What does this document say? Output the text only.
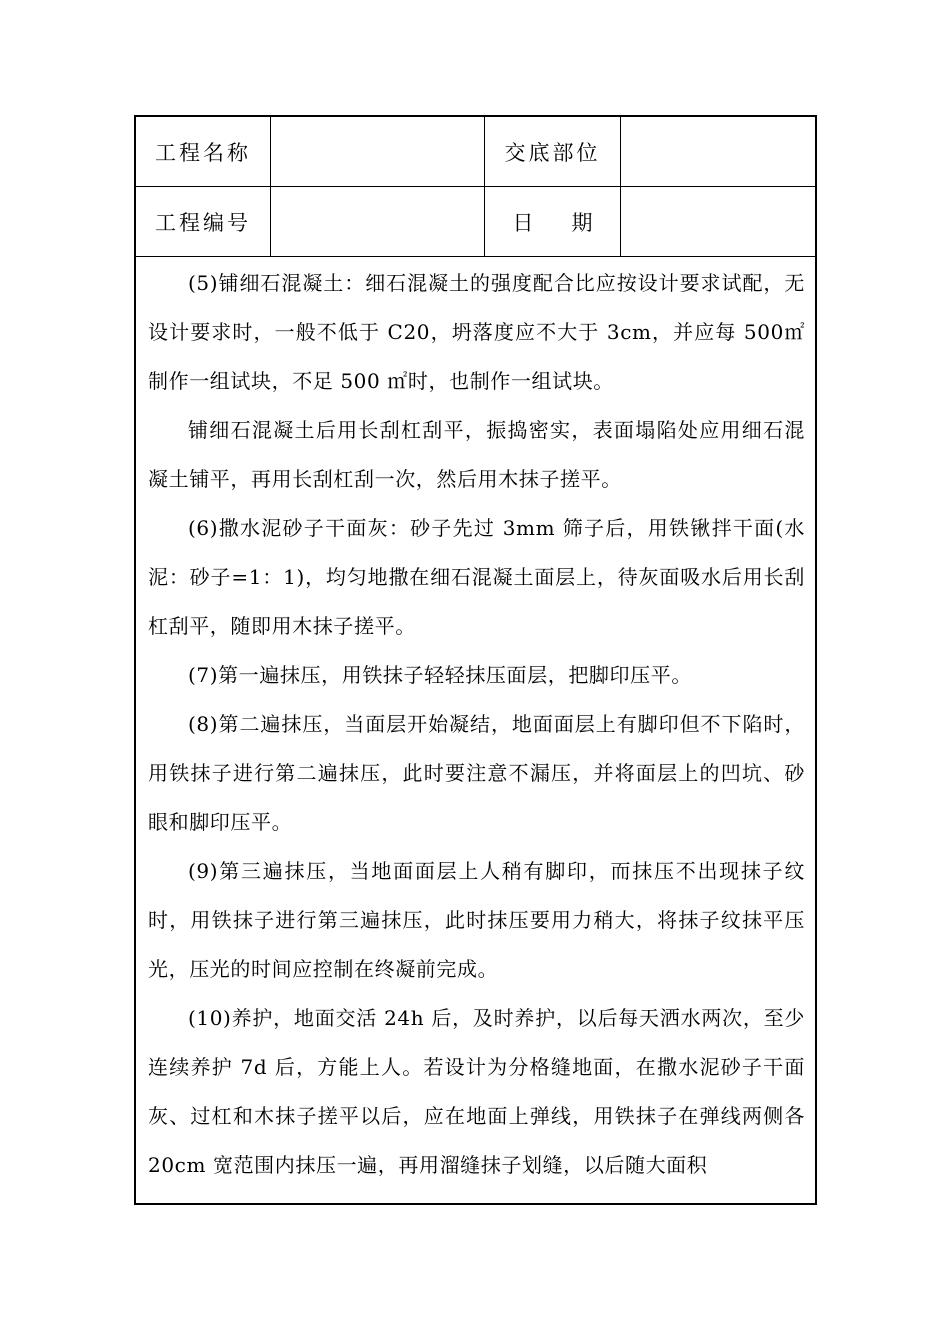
工程名称	交底部位
工程编号	日 期

(5)铺细石混凝土：细石混凝土的强度配合比应按设计要求试配，无设计要求时，一般不低于 C20，坍落度应不大于 3cm，并应每 500㎡制作一组试块，不足 500 ㎡时，也制作一组试块。

铺细石混凝土后用长刮杠刮平，振捣密实，表面塌陷处应用细石混凝土铺平，再用长刮杠刮一次，然后用木抹子搓平。

(6)撒水泥砂子干面灰：砂子先过 3mm 筛子后，用铁锹拌干面(水泥：砂子=1：1)，均匀地撒在细石混凝土面层上，待灰面吸水后用长刮杠刮平，随即用木抹子搓平。

(7)第一遍抹压，用铁抹子轻轻抹压面层，把脚印压平。

(8)第二遍抹压，当面层开始凝结，地面面层上有脚印但不下陷时，用铁抹子进行第二遍抹压，此时要注意不漏压，并将面层上的凹坑、砂眼和脚印压平。

(9)第三遍抹压，当地面面层上人稍有脚印，而抹压不出现抹子纹时，用铁抹子进行第三遍抹压，此时抹压要用力稍大，将抹子纹抹平压光，压光的时间应控制在终凝前完成。

(10)养护，地面交活 24h 后，及时养护，以后每天洒水两次，至少连续养护 7d 后，方能上人。若设计为分格缝地面，在撒水泥砂子干面灰、过杠和木抹子搓平以后，应在地面上弹线，用铁抹子在弹线两侧各 20cm 宽范围内抹压一遍，再用溜缝抹子划缝，以后随大面积
